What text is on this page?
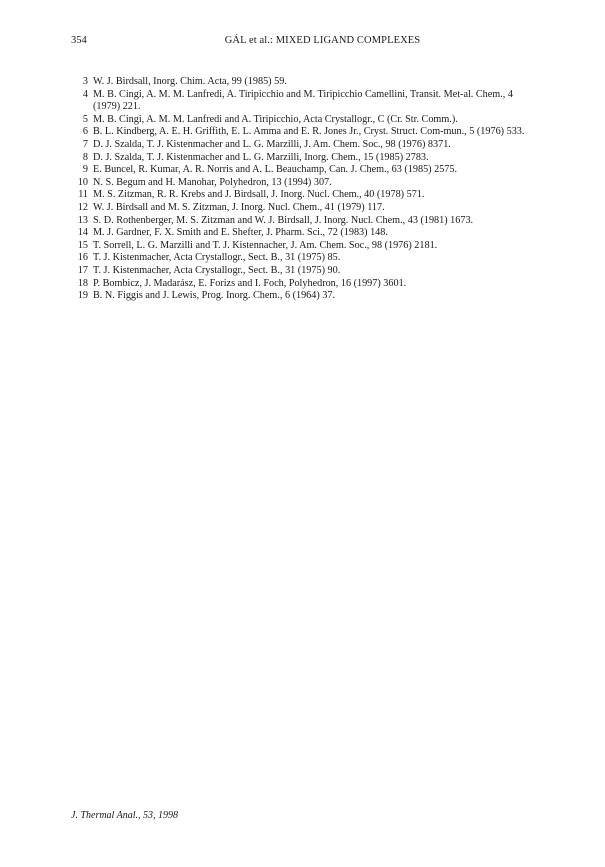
354	GÁL et al.: MIXED LIGAND COMPLEXES
3 W. J. Birdsall, Inorg. Chim. Acta, 99 (1985) 59.
4 M. B. Cingi, A. M. M. Lanfredi, A. Tiripicchio and M. Tiripicchio Camellini, Transit. Met-al. Chem., 4 (1979) 221.
5 M. B. Cingi, A. M. M. Lanfredi and A. Tiripicchio, Acta Crystallogr., C (Cr. Str. Comm.).
6 B. L. Kindberg, A. E. H. Griffith, E. L. Amma and E. R. Jones Jr., Cryst. Struct. Com-mun., 5 (1976) 533.
7 D. J. Szalda, T. J. Kistenmacher and L. G. Marzilli, J. Am. Chem. Soc., 98 (1976) 8371.
8 D. J. Szalda, T. J. Kistenmacher and L. G. Marzilli, Inorg. Chem., 15 (1985) 2783.
9 E. Buncel, R. Kumar, A. R. Norris and A. L. Beauchamp, Can. J. Chem., 63 (1985) 2575.
10 N. S. Begum and H. Manohar, Polyhedron, 13 (1994) 307.
11 M. S. Zitzman, R. R. Krebs and J. Birdsall, J. Inorg. Nucl. Chem., 40 (1978) 571.
12 W. J. Birdsall and M. S. Zitzman, J. Inorg. Nucl. Chem., 41 (1979) 117.
13 S. D. Rothenberger, M. S. Zitzman and W. J. Birdsall, J. Inorg. Nucl. Chem., 43 (1981) 1673.
14 M. J. Gardner, F. X. Smith and E. Shefter, J. Pharm. Sci., 72 (1983) 148.
15 T. Sorrell, L. G. Marzilli and T. J. Kistennacher, J. Am. Chem. Soc., 98 (1976) 2181.
16 T. J. Kistenmacher, Acta Crystallogr., Sect. B., 31 (1975) 85.
17 T. J. Kistenmacher, Acta Crystallogr., Sect. B., 31 (1975) 90.
18 P. Bombicz, J. Madarász, E. Forizs and I. Foch, Polyhedron, 16 (1997) 3601.
19 B. N. Figgis and J. Lewis, Prog. Inorg. Chem., 6 (1964) 37.
J. Thermal Anal., 53, 1998
